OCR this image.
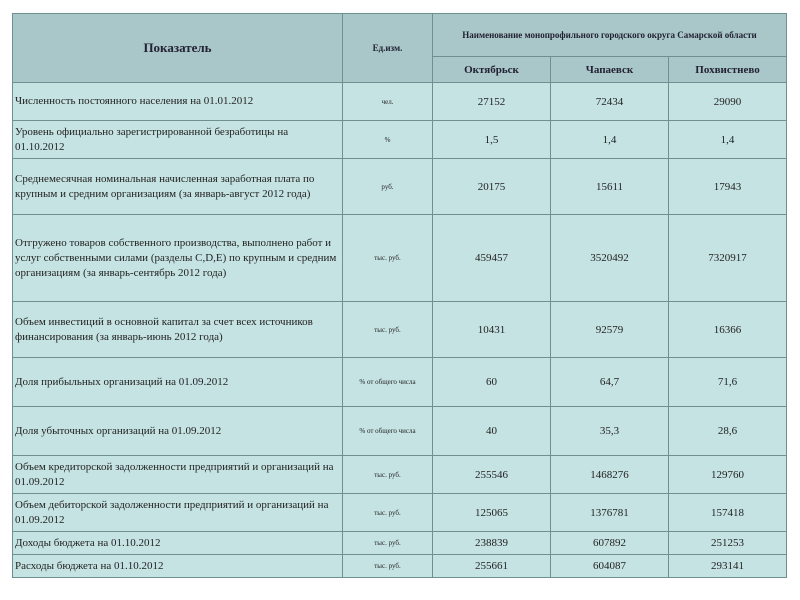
Показатель	Ед.изм.	Наименование монопрофильного городского округа Самарской области		
		Октябрьск	Чапаевск	Похвистнево
Численность постоянного населения на 01.01.2012	чел.	27152	72434	29090
Уровень официально зарегистрированной безработицы на 01.10.2012	%	1,5	1,4	1,4
Среднемесячная номинальная начисленная заработная плата по крупным и средним организациям (за январь-август 2012 года)	руб.	20175	15611	17943
Отгружено товаров собственного производства, выполнено работ и услуг собственными силами (разделы C,D,E) по крупным и средним организациям (за январь-сентябрь 2012 года)	тыс. руб.	459457	3520492	7320917
Объем инвестиций в основной капитал за счет всех источников финансирования (за январь-июнь 2012 года)	тыс. руб.	10431	92579	16366
Доля прибыльных организаций на 01.09.2012	% от общего числа	60	64,7	71,6
Доля убыточных организаций на 01.09.2012	% от общего числа	40	35,3	28,6
Объем кредиторской задолженности предприятий и организаций на 01.09.2012	тыс. руб.	255546	1468276	129760
Объем дебиторской задолженности предприятий и организаций на 01.09.2012	тыс. руб.	125065	1376781	157418
Доходы бюджета на 01.10.2012	тыс. руб.	238839	607892	251253
Расходы бюджета на 01.10.2012	тыс. руб.	255661	604087	293141
